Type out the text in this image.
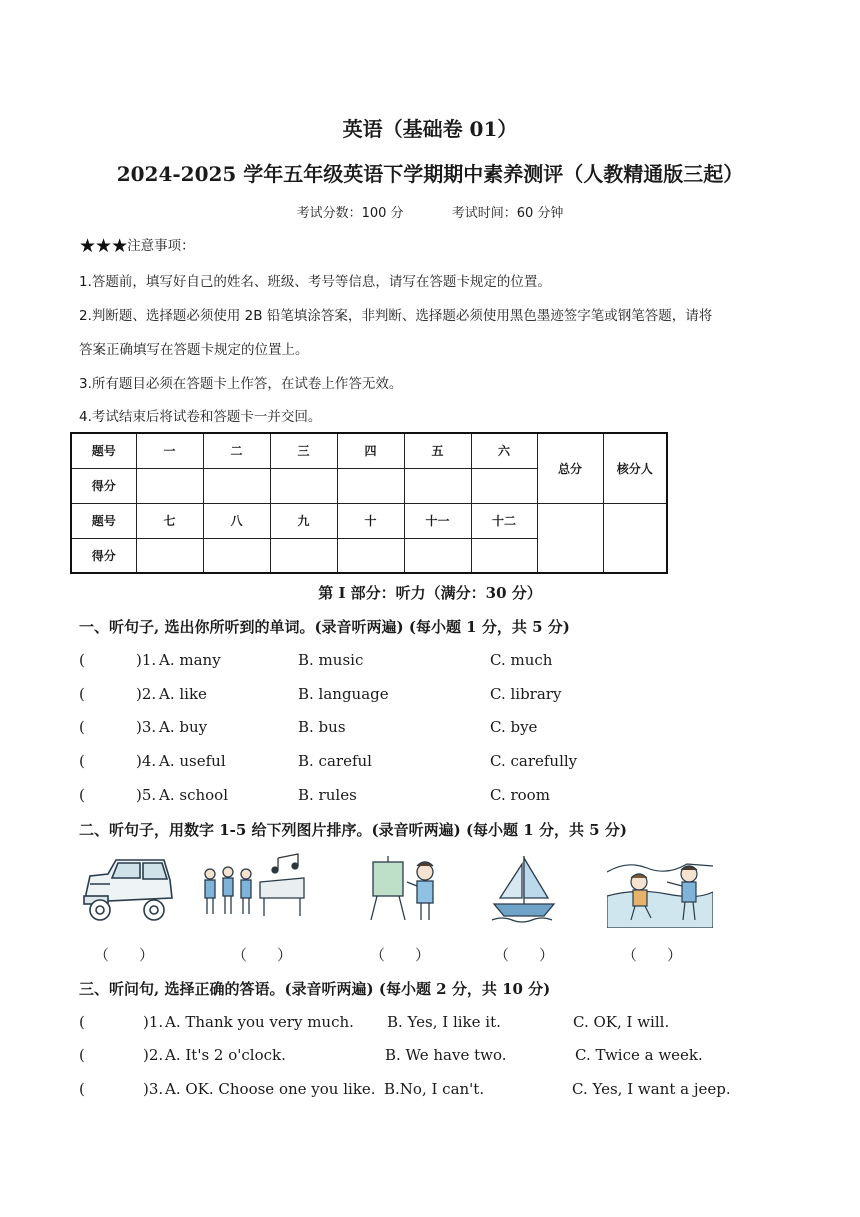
英语（基础卷 01）
2024-2025 学年五年级英语下学期期中素养测评（人教精通版三起）
考试分数：100 分	考试时间：60 分钟
★★★注意事项：
1.答题前，填写好自己的姓名、班级、考号等信息，请写在答题卡规定的位置。
2.判断题、选择题必须使用 2B 铅笔填涂答案，非判断、选择题必须使用黑色墨迹签字笔或钢笔答题，请将
答案正确填写在答题卡规定的位置上。
3.所有题目必须在答题卡上作答，在试卷上作答无效。
4.考试结束后将试卷和答题卡一并交回。
题号	一	二	三	四	五	六	总分	核分人
得分								
题号	七	八	九	十	十一	十二		
得分								
第 I 部分：听力（满分：30 分）
一、听句子, 选出你所听到的单词。(录音听两遍) (每小题 1 分，共 5 分)
(	)1. A. many	B. music	C. much
(	)2. A. like	B. language	C. library
(	)3. A. buy	B. bus	C. bye
(	)4. A. useful	B. careful	C. carefully
(	)5. A. school	B. rules	C. room
二、听句子，用数字 1-5 给下列图片排序。(录音听两遍) (每小题 1 分，共 5 分)
（　　）	（　　）	（　　）	（　　）	（　　）
三、听问句, 选择正确的答语。(录音听两遍) (每小题 2 分，共 10 分)
(	)1. A. Thank you very much. B. Yes, I like it.	C. OK, I will.
(	)2. A. It's 2 o'clock.	B. We have two.	C. Twice a week.
(	)3. A. OK. Choose one you like. B.No, I can't.	C. Yes, I want a jeep.
